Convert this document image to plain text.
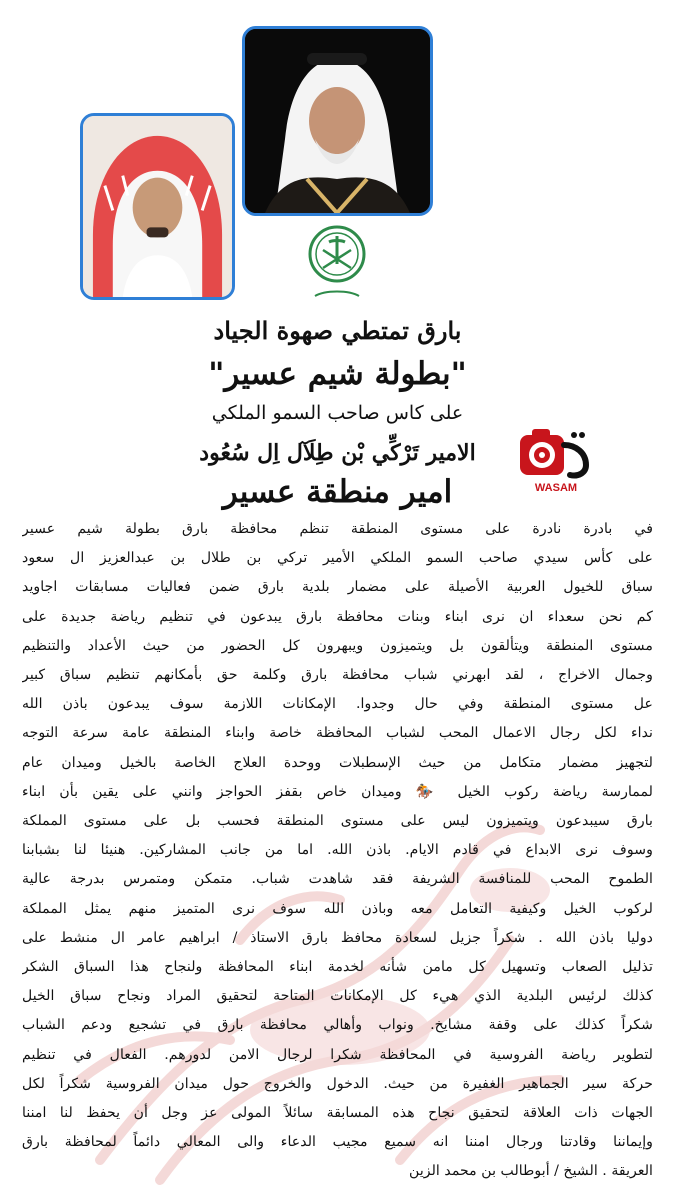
بارق تمتطي صهوة الجياد
"بطولة شيم عسير"
على كاس صاحب السمو الملكي
الامير تَرْكِّي بْن طِلَآل اِل سُعُود
امير منطقة عسير	WASAM
في بادرة نادرة على مستوى المنطقة تنظم محافظة بارق بطولة شيم عسير
على كأس سيدي صاحب السمو الملكي الأمير تركي بن طلال بن عبدالعزيز ال سعود
سباق للخيول العربية الأصيلة على مضمار بلدية بارق ضمن فعاليات مسابقات اجاويد
كم نحن سعداء ان نرى ابناء وبنات محافظة بارق يبدعون في تنظيم رياضة جديدة على
مستوى المنطقة ويتألقون بل ويتميزون ويبهرون كل الحضور من حيث الأعداد والتنظيم
وجمال الاخراج ، لقد ابهرني شباب محافظة بارق وكلمة حق بأمكانهم تنظيم سباق كبير
عل مستوى المنطقة وفي حال وجدوا. الإمكانات اللازمة سوف يبدعون باذن الله
نداء لكل رجال الاعمال المحب لشباب المحافظة خاصة وابناء المنطقة عامة سرعة التوجه
لتجهيز مضمار متكامل من حيث الإسطبلات ووحدة العلاج الخاصة بالخيل وميدان عام
لممارسة رياضة ركوب الخيل 🏇 وميدان خاص بقفز الحواجز وانني على يقين بأن ابناء
بارق سيبدعون ويتميزون ليس على مستوى المنطقة فحسب بل على مستوى المملكة
وسوف نرى الابداع في قادم الايام. باذن الله. اما من جانب المشاركين. هنيئا لنا بشبابنا
الطموح المحب للمنافسة الشريفة فقد شاهدت شباب. متمكن ومتمرس بدرجة عالية
لركوب الخيل وكيفية التعامل معه وباذن الله سوف نرى المتميز منهم يمثل المملكة
دوليا باذن الله . شكراً جزيل لسعادة محافظ بارق الاستاذ / ابراهيم عامر ال منشط على
تذليل الصعاب وتسهيل كل مامن شأنه لخدمة ابناء المحافظة ولنجاح هذا السباق الشكر
كذلك لرئيس البلدية الذي هيء كل الإمكانات المتاحة لتحقيق المراد ونجاح سباق الخيل
شكراً كذلك على وقفة مشايخ. ونواب وأهالي محافظة بارق في تشجيع ودعم الشباب
لتطوير رياضة الفروسية في المحافظة شكرا لرجال الامن لدورهم. الفعال في تنظيم
حركة سير الجماهير الغفيرة من حيث. الدخول والخروج حول ميدان الفروسية شكراً لكل
الجهات ذات العلاقة لتحقيق نجاح هذه المسابقة سائلاً المولى عز وجل أن يحفظ لنا امننا
وإيماننا وقادتنا ورجال امننا انه سميع مجيب الدعاء والى المعالي دائماً لمحافظة بارق
العريقة . الشيخ / أبوطالب بن محمد الزين
